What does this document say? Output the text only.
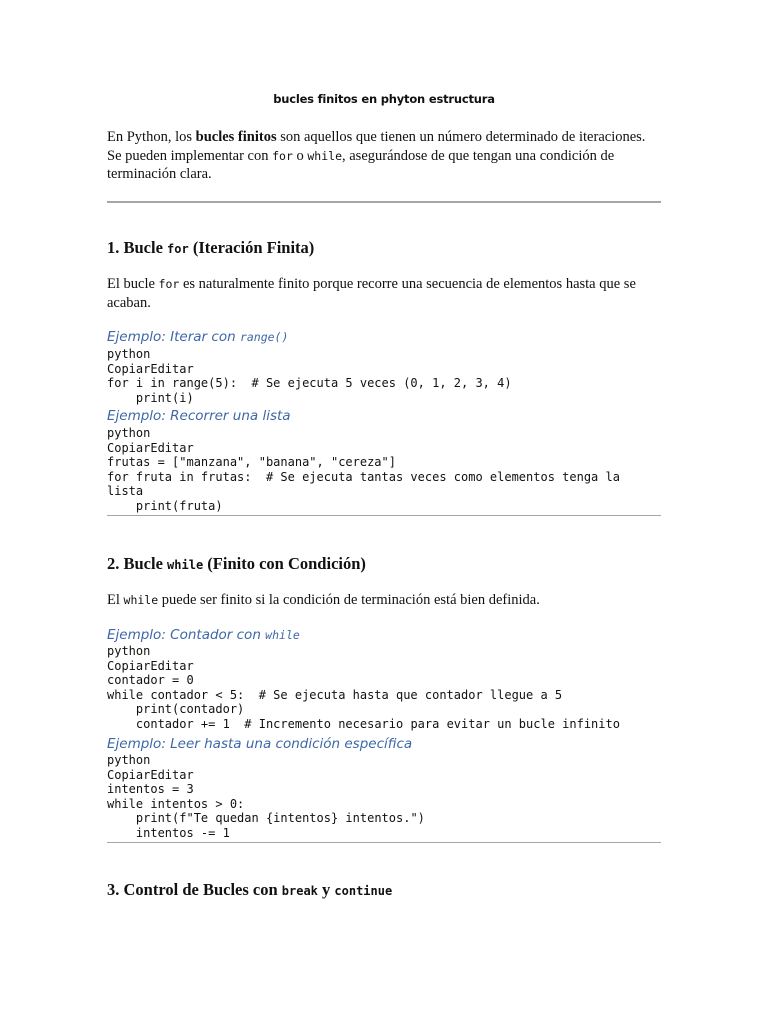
bucles finitos en phyton estructura

En Python, los bucles finitos son aquellos que tienen un número determinado de iteraciones. Se pueden implementar con for o while, asegurándose de que tengan una condición de terminación clara.

1. Bucle for (Iteración Finita)

El bucle for es naturalmente finito porque recorre una secuencia de elementos hasta que se acaban.

Ejemplo: Iterar con range()

python
CopiarEditar
for i in range(5):  # Se ejecuta 5 veces (0, 1, 2, 3, 4)
print(i)

Ejemplo: Recorrer una lista

python
CopiarEditar
frutas = ["manzana", "banana", "cereza"]
for fruta in frutas:  # Se ejecuta tantas veces como elementos tenga la lista
print(fruta)
2. Bucle while (Finito con Condición)

El while puede ser finito si la condición de terminación está bien definida.

Ejemplo: Contador con while

python
CopiarEditar
contador = 0
while contador < 5:  # Se ejecuta hasta que contador llegue a 5
print(contador)
contador += 1  # Incremento necesario para evitar un bucle infinito

Ejemplo: Leer hasta una condición específica

python
CopiarEditar
intentos = 3
while intentos > 0:
print(f"Te quedan {intentos} intentos.")
intentos -= 1
3. Control de Bucles con break y continue
